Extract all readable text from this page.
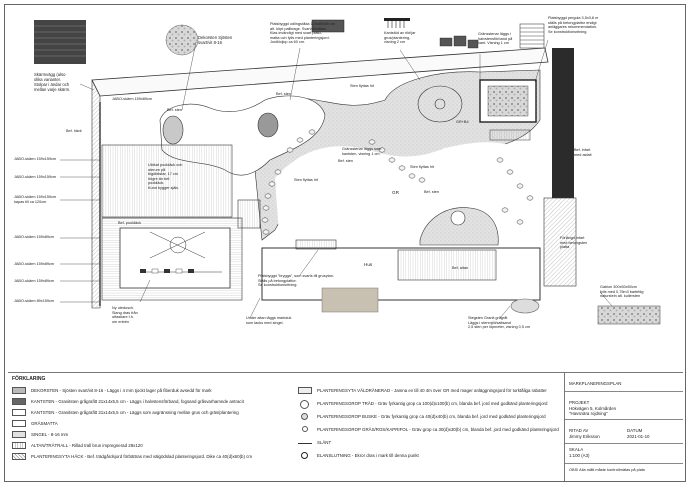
Skärmvägg (also
olika varianter.
Stolpar i ändar och
mellan varje skärm.
Dekorsten Sjösten
svart/vit 8-16
Platsbyggd odlingsråda 120x80x60 cm
alt. köpt pallkrage. Svart/vitmålas.
Klas invändigt med svart plato-
matta och fylls med planteringsjord.
Jordlödjup ca 60 cm.
Kantstöd av rikt/jar
grus/plantering,
visning 2 cm
Gränsstenar läggs i
halvstensförband på
kant. Visning 1 cm
Platsbyggd pergola 3,5x3,8 m
ställs på betongplattor endigt
anläggares rekommendation.
Se konstruktionsritning.
JABO-skärm 159x89cm
Bef. sten
Bef. sten
Sten flyttas hit
Bef. häck
JABO-skärm 159x159cm
JABO-skärm 159x159cm
JABO-skärm 159x159cm
kapas till ca 120cm
JABO-skärm 159x89cm
JABO-skärm 159x89cm
JABO-skärm 159x89cm
JABO-skärm 89x159cm
Utökat pooldäck och
uterum på
tögdbitstar, 17 cm
högre än bef.
pooldäck.
Kund bygger själv.
Bef. pooldäck
Gränsstenar läggs som
kantsten, visning 1 cm
Sten flyttas hit
Sten flyttas hit
Bef. sten
Bef. sten
GR
GR+B4
Hus
Bef. altan
Bef. infart
med asfalt
Förlängd infart
med betongsten
platta
Gabion 300x50x50cm
fylls med 0,75m3 barfettig
naturstein alt. kullersten
Platsbyggd "brygga", som svarts till grusytan.
Ställs på betongplattor.
Se konstruktionsritning.
Ny utedusch.
Slang dras från
uttaskare t.h.
om entrén
Under altan läggs markduk
som tacks med singel.
Stegsten Granit grågråt
Läggs i stenmjöl/sattsand
2,5 sten per löpmeter, visning 0,5 cm
FÖRKLARING
DEKORSTEN - Sjösten svart/vit 8-16 - Läggs i 4 mm tjockt lager på fiberduk avsedd för mark
KANTSTEN - Granitsten grågrafitt 21x14x5,5 cm - Läggs i halvstensförband, fogsand gråsvarhamnde antracit
KANTSTEN - Granitsten grågrafitt 21x14x5,5 cm - Läggs som avgränsning mellan grus och gräs/plantering
GRÄSMATTA
SINGEL - 8-16 mm
ALTAN/TRÄTRALL - Rillad trall brun impregnerad 28x120
PLANTERINGSYTA HÄCK - Bef. trädgårdsjord förbättras med välgödslad planteringsjord. Dike ca 40(d)x60(b) cm
PLANTERINGSYTA VÄLDRÄNERAD - Jamna ev till 40 4m över GR med mager anläggningsjord för torktåliga rabatter
PLANTERINGSGROP TRÄD - Gräv fyrkantig grop ca 100(d)x100(b) cm, blanda bef. jord med godkänd planteringsjord
PLANTERINGSGROP BUSKE - Gräv fyrkantig grop ca 40(d)x40(b) cm, blanda bef. jord med godkänd planteringsjord
PLANTERINGSGROP GRÄS/ROS/KAPRIFOL - Gräv grop ca 30(d)x30(b) cm, blanda bef. jord med godkänd planteringsjord
SLÄNT
ELANSLUTNING - Ekror dras i mark till denna punkt
MARKPLANERINGSPLAN
PROJEKT
Hökvägen 5, Kolmården
"Havsnära rojdning"
RITAD AV
Jimmy Eriksson
DATUM
2021-01-10
SKALA
1:100 (A3)
OBS! Alla mått måste kontrollmätas på plats
